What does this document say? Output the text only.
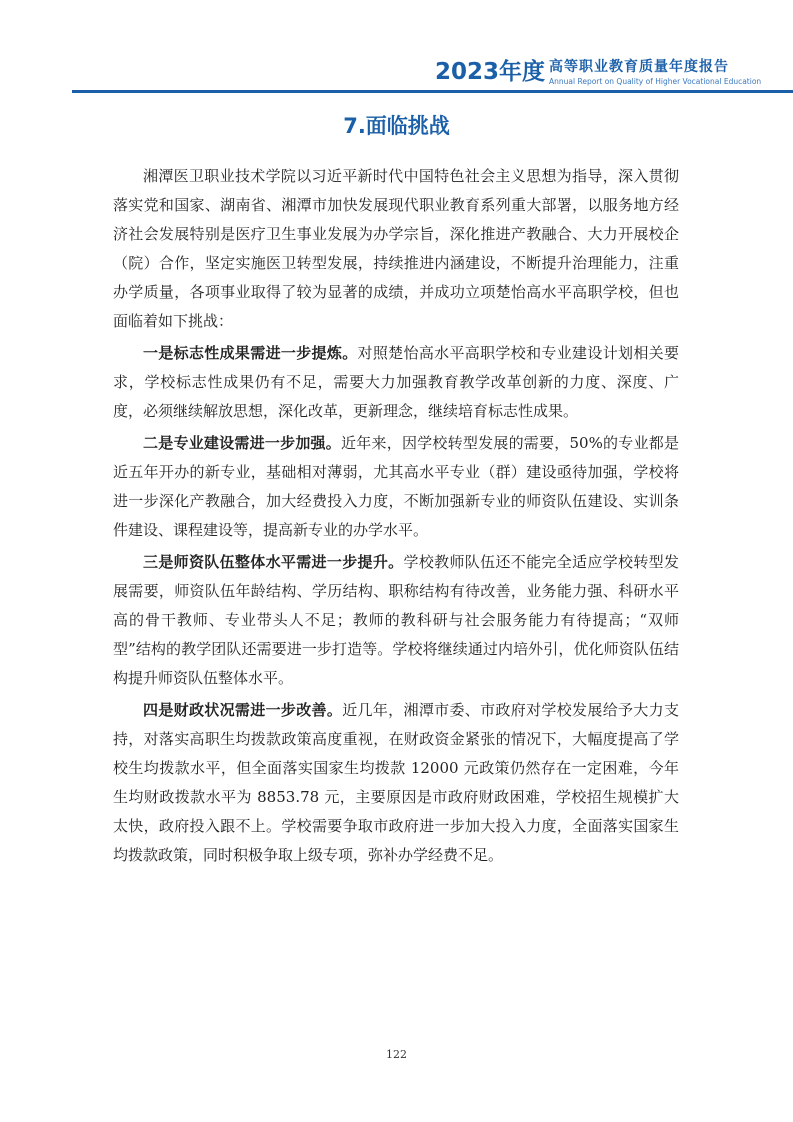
2023年度 高等职业教育质量年度报告
Annual Report on Quality of Higher Vocational Education
7.面临挑战

湘潭医卫职业技术学院以习近平新时代中国特色社会主义思想为指导，深入贯彻落实党和国家、湖南省、湘潭市加快发展现代职业教育系列重大部署，以服务地方经济社会发展特别是医疗卫生事业发展为办学宗旨，深化推进产教融合、大力开展校企（院）合作，坚定实施医卫转型发展，持续推进内涵建设，不断提升治理能力，注重办学质量，各项事业取得了较为显著的成绩，并成功立项楚怡高水平高职学校，但也面临着如下挑战：

一是标志性成果需进一步提炼。对照楚怡高水平高职学校和专业建设计划相关要求，学校标志性成果仍有不足，需要大力加强教育教学改革创新的力度、深度、广度，必须继续解放思想，深化改革，更新理念，继续培育标志性成果。

二是专业建设需进一步加强。近年来，因学校转型发展的需要，50%的专业都是近五年开办的新专业，基础相对薄弱，尤其高水平专业（群）建设亟待加强，学校将进一步深化产教融合，加大经费投入力度，不断加强新专业的师资队伍建设、实训条件建设、课程建设等，提高新专业的办学水平。

三是师资队伍整体水平需进一步提升。学校教师队伍还不能完全适应学校转型发展需要，师资队伍年龄结构、学历结构、职称结构有待改善，业务能力强、科研水平高的骨干教师、专业带头人不足；教师的教科研与社会服务能力有待提高；“双师型”结构的教学团队还需要进一步打造等。学校将继续通过内培外引，优化师资队伍结构提升师资队伍整体水平。

四是财政状况需进一步改善。近几年，湘潭市委、市政府对学校发展给予大力支持，对落实高职生均拨款政策高度重视，在财政资金紧张的情况下，大幅度提高了学校生均拨款水平，但全面落实国家生均拨款 12000 元政策仍然存在一定困难，今年生均财政拨款水平为 8853.78 元，主要原因是市政府财政困难，学校招生规模扩大太快，政府投入跟不上。学校需要争取市政府进一步加大投入力度，全面落实国家生均拨款政策，同时积极争取上级专项，弥补办学经费不足。

122
